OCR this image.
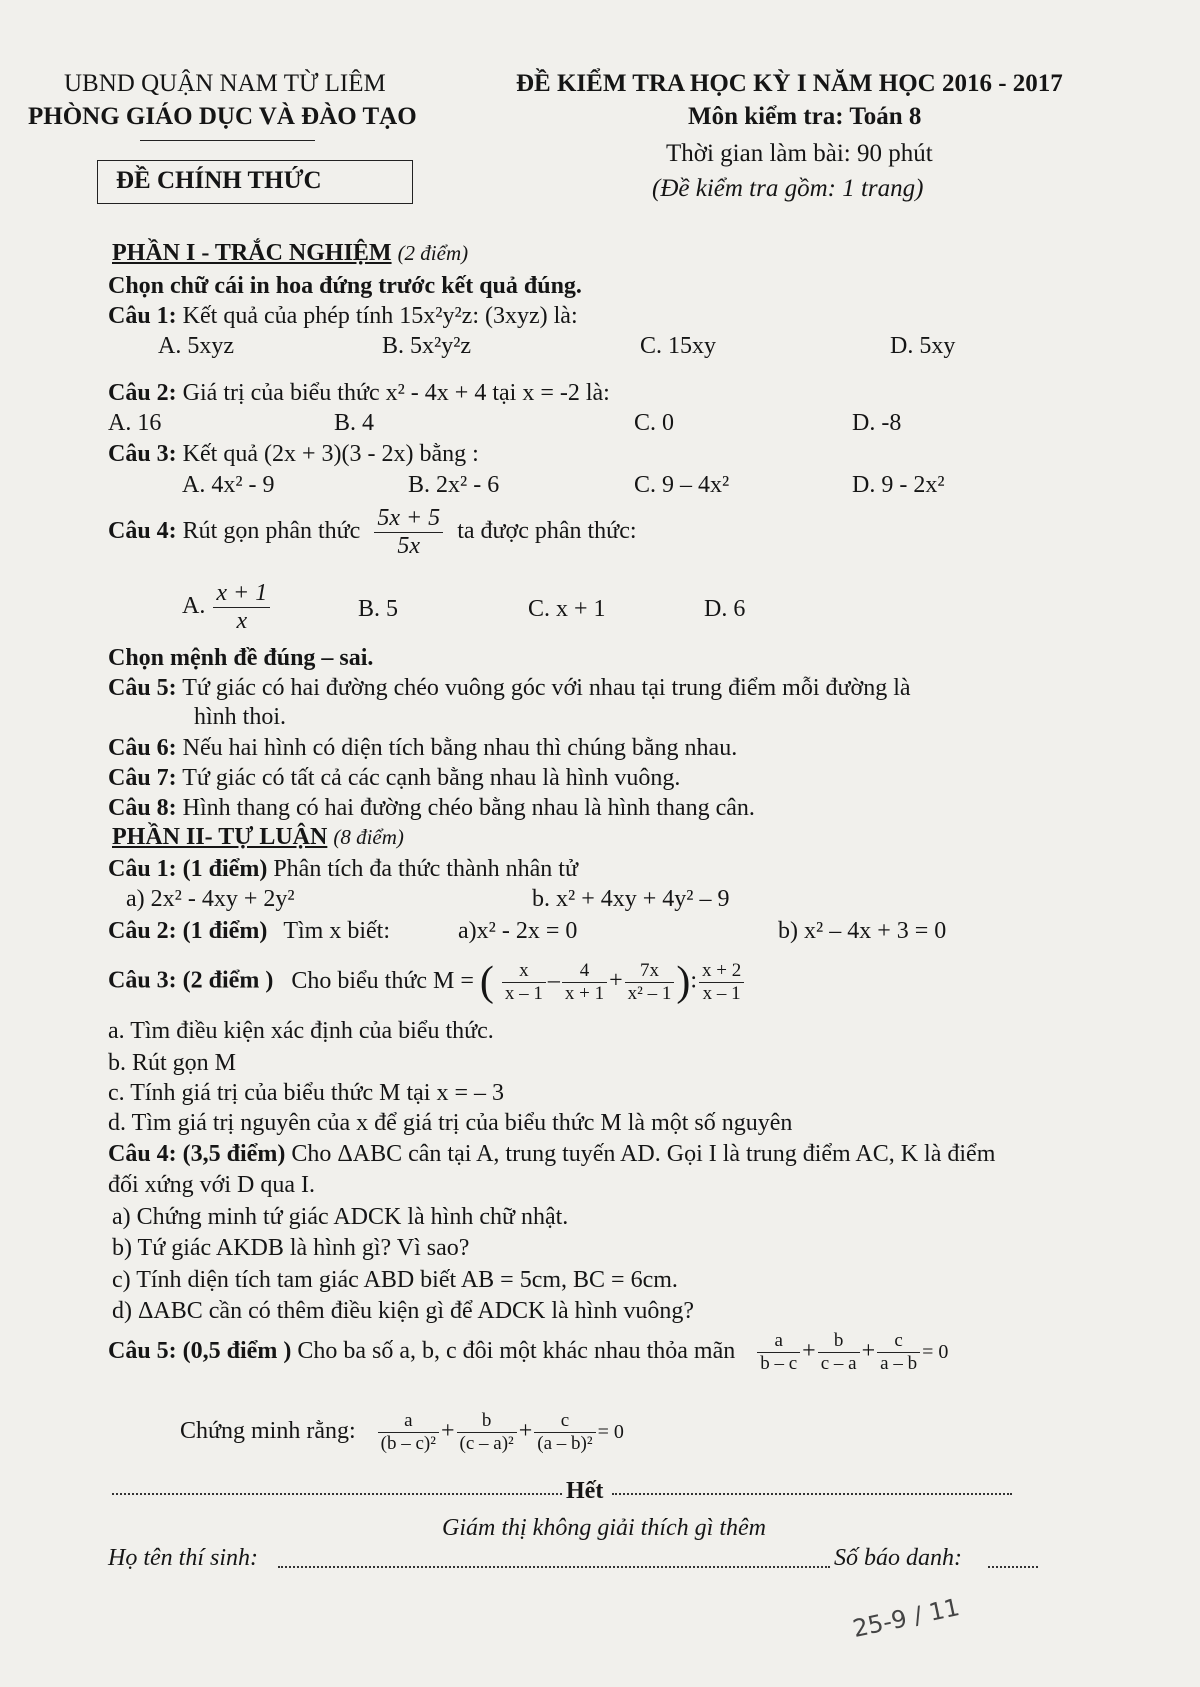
UBND QUẬN NAM TỪ LIÊM
PHÒNG GIÁO DỤC VÀ ĐÀO TẠO
ĐỀ CHÍNH THỨC
ĐỀ KIỂM TRA HỌC KỲ I NĂM HỌC 2016 - 2017
Môn kiểm tra: Toán 8
Thời gian làm bài: 90 phút
(Đề kiểm tra gồm: 1 trang)
PHẦN I - TRẮC NGHIỆM (2 điểm)
Chọn chữ cái in hoa đứng trước kết quả đúng.
Câu 1: Kết quả của phép tính 15x²y²z: (3xyz) là:
A. 5xyz	B. 5x²y²z	C. 15xy	D. 5xy
Câu 2: Giá trị của biểu thức x² - 4x + 4 tại x = -2 là:
A. 16	B. 4	C. 0	D. -8
Câu 3: Kết quả (2x + 3)(3 - 2x) bằng :
A. 4x² - 9	B. 2x² - 6	C. 9 – 4x²	D. 9 - 2x²
Câu 4: Rút gọn phân thức $\frac{5x + 5}{5x}$ ta được phân thức:
A. $\frac{x + 1}{x}$	B. 5	C. x + 1	D. 6
Chọn mệnh đề đúng – sai.
Câu 5: Tứ giác có hai đường chéo vuông góc với nhau tại trung điểm mỗi đường là
hình thoi.
Câu 6: Nếu hai hình có diện tích bằng nhau thì chúng bằng nhau.
Câu 7: Tứ giác có tất cả các cạnh bằng nhau là hình vuông.
Câu 8: Hình thang có hai đường chéo bằng nhau là hình thang cân.
PHẦN II- TỰ LUẬN (8 điểm)
Câu 1: (1 điểm) Phân tích đa thức thành nhân tử
a) 2x² - 4xy + 2y²	b. x² + 4xy + 4y² – 9
Câu 2: (1 điểm) Tìm x biết:	a)x² - 2x = 0	b) x² – 4x + 3 = 0
Câu 3: (2 điểm ) Cho biểu thức M = ( $\frac{x}{x - 1} - \frac{4}{x + 1} + \frac{7x}{\text{x² – 1}}$ ): $\frac{x + 2}{x - 1}$
a. Tìm điều kiện xác định của biểu thức.
b. Rút gọn M
c. Tính giá trị của biểu thức M tại x = – 3
d. Tìm giá trị nguyên của x để giá trị của biểu thức M là một số nguyên
Câu 4: (3,5 điểm) Cho ΔABC cân tại A, trung tuyến AD. Gọi I là trung điểm AC, K là điểm
đối xứng với D qua I.
a) Chứng minh tứ giác ADCK là hình chữ nhật.
b) Tứ giác AKDB là hình gì? Vì sao?
c) Tính diện tích tam giác ABD biết AB = 5cm, BC = 6cm.
d) ΔABC cần có thêm điều kiện gì để ADCK là hình vuông?
Câu 5: (0,5 điểm ) Cho ba số a, b, c đôi một khác nhau thỏa mãn $\frac{a}{b - c} + \frac{b}{c - a} + \frac{c}{a - b} = 0$
Chứng minh rằng: $\frac{a}{\text{(b – c)²}} + \frac{b}{\text{(c – a)²}} + \frac{c}{\text{(a – b)²}} = 0$
Hết
Giám thị không giải thích gì thêm
Họ tên thí sinh:	Số báo danh:
25-9 / 11
